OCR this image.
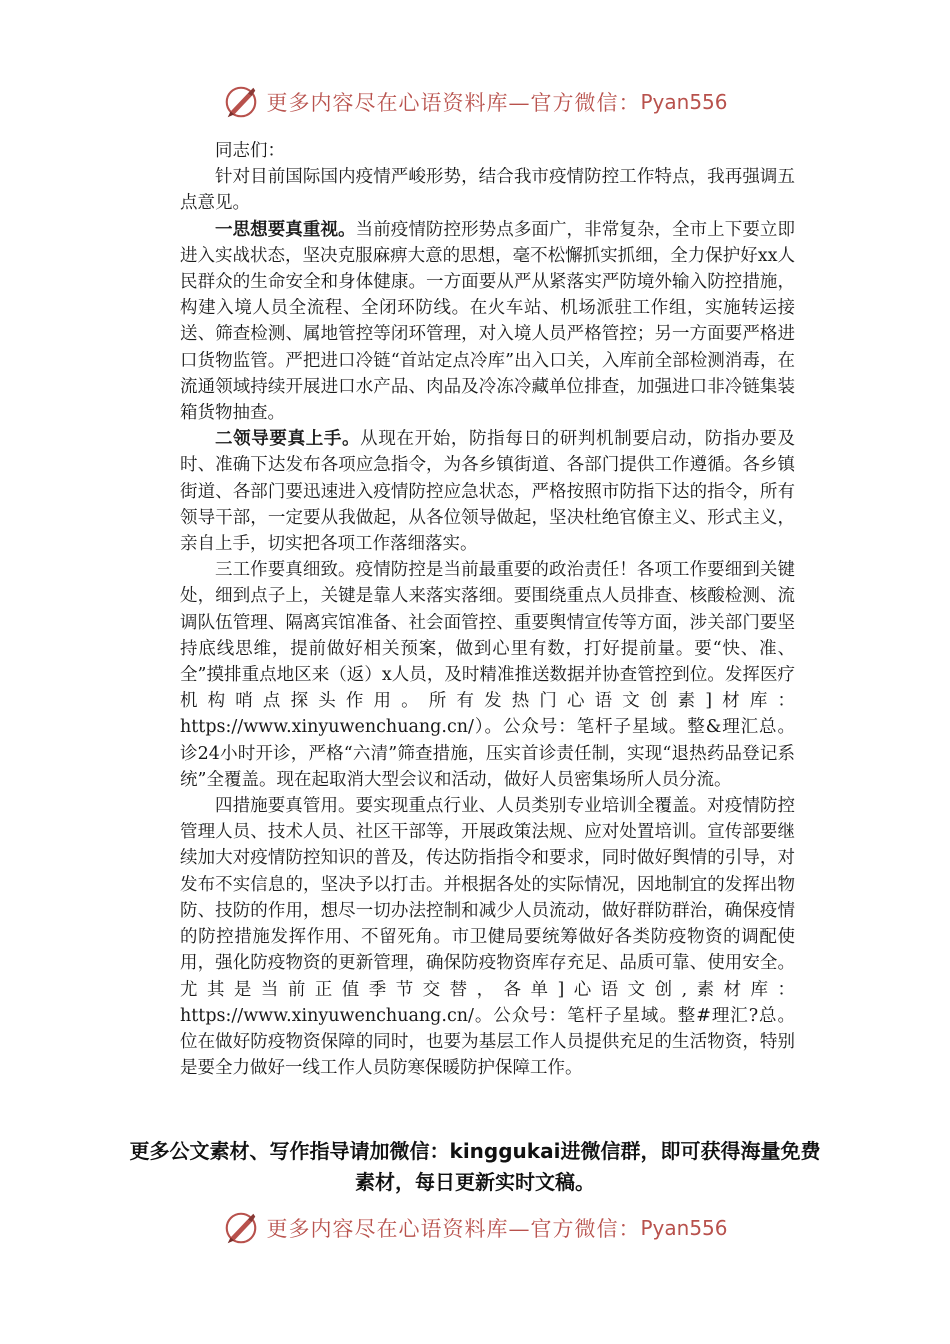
更多内容尽在心语资料库—官方微信： Pyan556

同志们：

针对目前国际国内疫情严峻形势，结合我市疫情防控工作特点，我再强调五点意见。

一思想要真重视。当前疫情防控形势点多面广，非常复杂，全市上下要立即进入实战状态，坚决克服麻痹大意的思想，毫不松懈抓实抓细，全力保护好xx人民群众的生命安全和身体健康。一方面要从严从紧落实严防境外输入防控措施，构建入境人员全流程、全闭环防线。在火车站、机场派驻工作组，实施转运接送、筛查检测、属地管控等闭环管理，对入境人员严格管控；另一方面要严格进口货物监管。严把进口冷链“首站定点冷库”出入口关，入库前全部检测消毒，在流通领域持续开展进口水产品、肉品及冷冻冷藏单位排查，加强进口非冷链集装箱货物抽查。

二领导要真上手。从现在开始，防指每日的研判机制要启动，防指办要及时、准确下达发布各项应急指令，为各乡镇街道、各部门提供工作遵循。各乡镇街道、各部门要迅速进入疫情防控应急状态，严格按照市防指下达的指令，所有领导干部，一定要从我做起，从各位领导做起，坚决杜绝官僚主义、形式主义，亲自上手，切实把各项工作落细落实。

三工作要真细致。疫情防控是当前最重要的政治责任！各项工作要细到关键处，细到点子上，关键是靠人来落实落细。要围绕重点人员排查、核酸检测、流调队伍管理、隔离宾馆准备、社会面管控、重要舆情宣传等方面，涉关部门要坚持底线思维，提前做好相关预案，做到心里有数，打好提前量。要“快、准、全”摸排重点地区来（返）x人员，及时精准推送数据并协查管控到位。发挥医疗机构哨点探头作用。所有发热门心语文创素]材库：https://www.xinyuwenchuang.cn/）。公众号：笔杆子星域。整&理汇总。诊24小时开诊，严格“六清”筛查措施，压实首诊责任制，实现“退热药品登记系统”全覆盖。现在起取消大型会议和活动，做好人员密集场所人员分流。

四措施要真管用。要实现重点行业、人员类别专业培训全覆盖。对疫情防控管理人员、技术人员、社区干部等，开展政策法规、应对处置培训。宣传部要继续加大对疫情防控知识的普及，传达防指指令和要求，同时做好舆情的引导，对发布不实信息的，坚决予以打击。并根据各处的实际情况，因地制宜的发挥出物防、技防的作用，想尽一切办法控制和减少人员流动，做好群防群治，确保疫情的防控措施发挥作用、不留死角。市卫健局要统筹做好各类防疫物资的调配使用，强化防疫物资的更新管理，确保防疫物资库存充足、品质可靠、使用安全。尤其是当前正值季节交替，各单]心语文创,素材库：https://www.xinyuwenchuang.cn/。公众号：笔杆子星域。整#理汇?总。位在做好防疫物资保障的同时，也要为基层工作人员提供充足的生活物资，特别是要全力做好一线工作人员防寒保暖防护保障工作。

更多公文素材、写作指导请加微信：kinggukai进微信群，即可获得海量免费素材，每日更新实时文稿。
更多内容尽在心语资料库—官方微信： Pyan556
